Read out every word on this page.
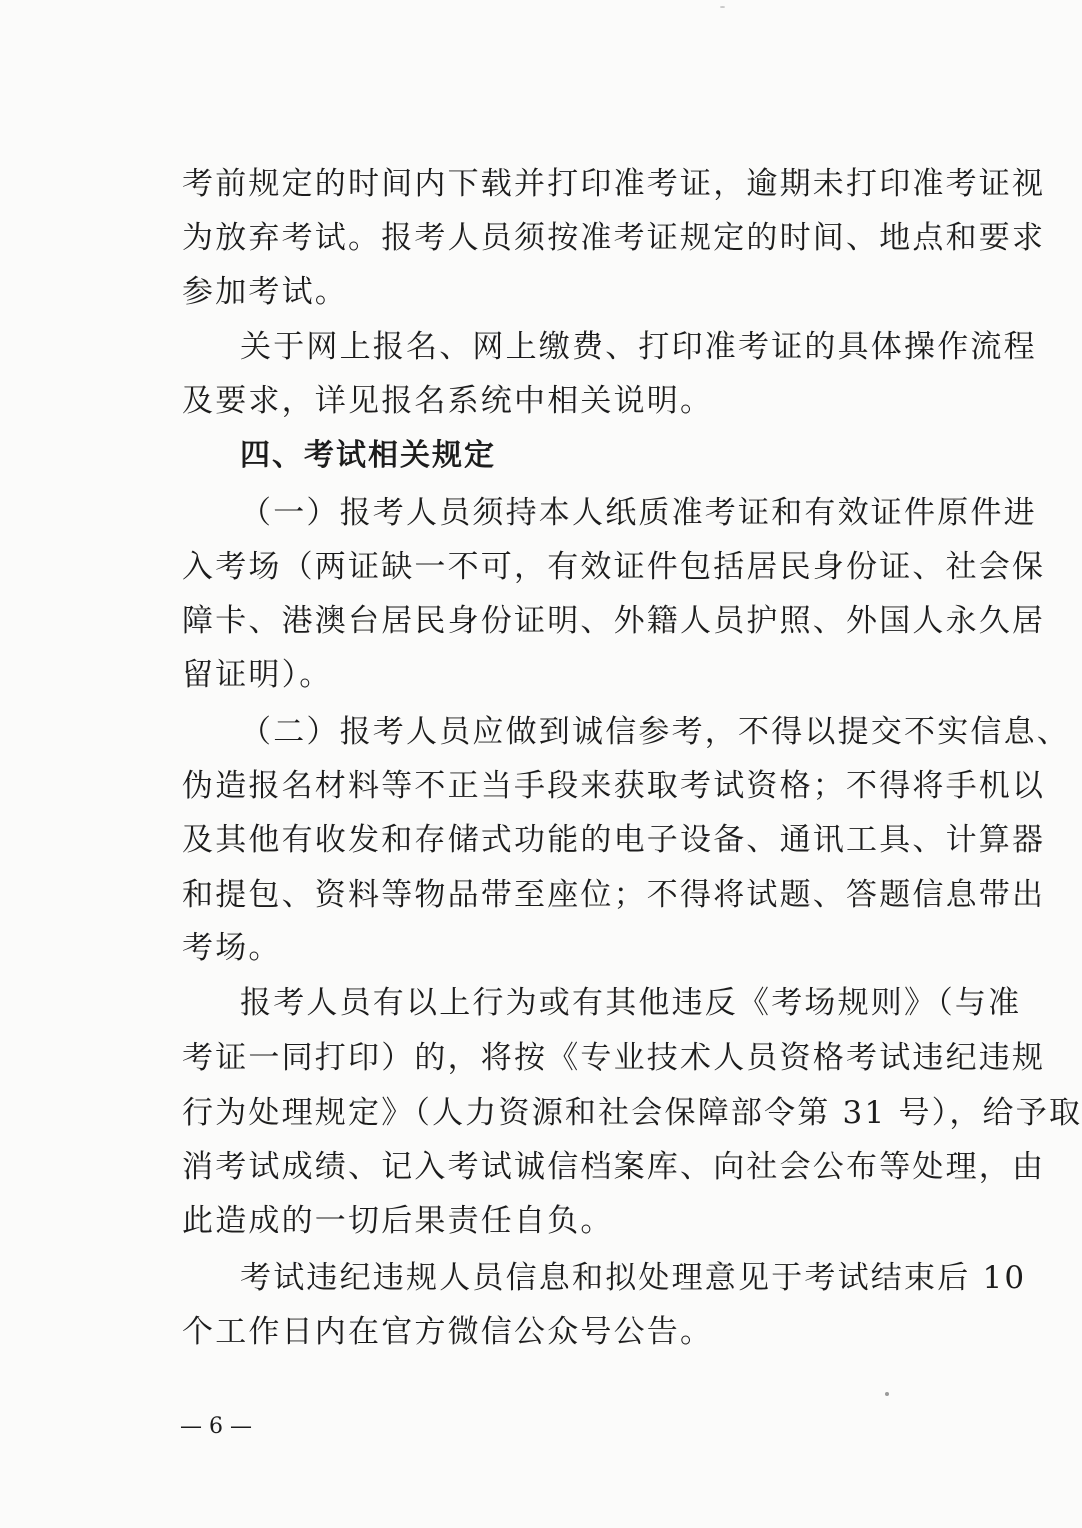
考前规定的时间内下载并打印准考证，逾期未打印准考证视
为放弃考试。报考人员须按准考证规定的时间、地点和要求
参加考试。
关于网上报名、网上缴费、打印准考证的具体操作流程
及要求，详见报名系统中相关说明。
四、考试相关规定
（一）报考人员须持本人纸质准考证和有效证件原件进
入考场（两证缺一不可，有效证件包括居民身份证、社会保
障卡、港澳台居民身份证明、外籍人员护照、外国人永久居
留证明）。
（二）报考人员应做到诚信参考，不得以提交不实信息、
伪造报名材料等不正当手段来获取考试资格；不得将手机以
及其他有收发和存储式功能的电子设备、通讯工具、计算器
和提包、资料等物品带至座位；不得将试题、答题信息带出
考场。
报考人员有以上行为或有其他违反《考场规则》（与准
考证一同打印）的，将按《专业技术人员资格考试违纪违规
行为处理规定》（人力资源和社会保障部令第 31 号），给予取
消考试成绩、记入考试诚信档案库、向社会公布等处理，由
此造成的一切后果责任自负。
考试违纪违规人员信息和拟处理意见于考试结束后 10
个工作日内在官方微信公众号公告。
— 6 —
